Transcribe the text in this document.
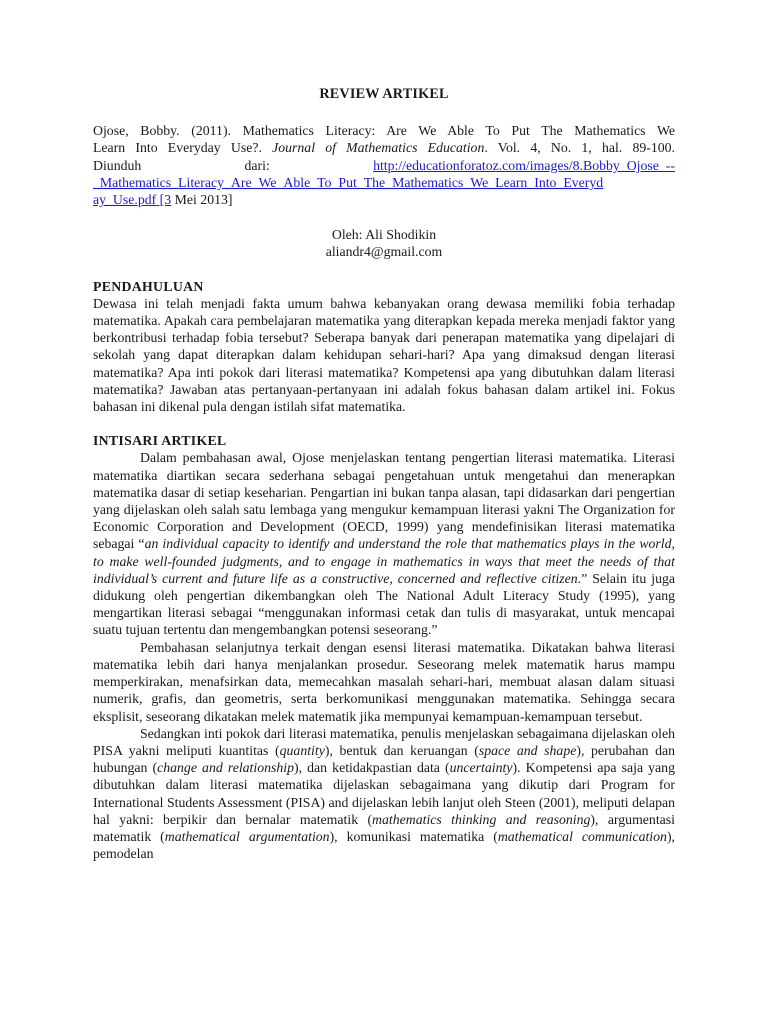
REVIEW ARTIKEL
Ojose, Bobby. (2011). Mathematics Literacy: Are We Able To Put The Mathematics We
Learn Into Everyday Use?. Journal of Mathematics Education. Vol. 4, No. 1, hal. 89-100.
Diunduh	dari:	http://educationforatoz.com/images/8.Bobby_Ojose_--
_Mathematics_Literacy_Are_We_Able_To_Put_The_Mathematics_We_Learn_Into_Everyd
ay_Use.pdf [3 Mei 2013]
Oleh: Ali Shodikin
aliandr4@gmail.com
PENDAHULUAN

Dewasa ini telah menjadi fakta umum bahwa kebanyakan orang dewasa memiliki fobia terhadap matematika. Apakah cara pembelajaran matematika yang diterapkan kepada mereka menjadi faktor yang berkontribusi terhadap fobia tersebut? Seberapa banyak dari penerapan matematika yang dipelajari di sekolah yang dapat diterapkan dalam kehidupan sehari-hari? Apa yang dimaksud dengan literasi matematika? Apa inti pokok dari literasi matematika? Kompetensi apa yang dibutuhkan dalam literasi matematika? Jawaban atas pertanyaan-pertanyaan ini adalah fokus bahasan dalam artikel ini. Fokus bahasan ini dikenal pula dengan istilah sifat matematika.

INTISARI ARTIKEL

Dalam pembahasan awal, Ojose menjelaskan tentang pengertian literasi matematika. Literasi matematika diartikan secara sederhana sebagai pengetahuan untuk mengetahui dan menerapkan matematika dasar di setiap keseharian. Pengartian ini bukan tanpa alasan, tapi didasarkan dari pengertian yang dijelaskan oleh salah satu lembaga yang mengukur kemampuan literasi yakni The Organization for Economic Corporation and Development (OECD, 1999) yang mendefinisikan literasi matematika sebagai “an individual capacity to identify and understand the role that mathematics plays in the world, to make well-founded judgments, and to engage in mathematics in ways that meet the needs of that individual’s current and future life as a constructive, concerned and reflective citizen.” Selain itu juga didukung oleh pengertian dikembangkan oleh The National Adult Literacy Study (1995), yang mengartikan literasi sebagai “menggunakan informasi cetak dan tulis di masyarakat, untuk mencapai suatu tujuan tertentu dan mengembangkan potensi seseorang.”

Pembahasan selanjutnya terkait dengan esensi literasi matematika. Dikatakan bahwa literasi matematika lebih dari hanya menjalankan prosedur. Seseorang melek matematik harus mampu memperkirakan, menafsirkan data, memecahkan masalah sehari-hari, membuat alasan dalam situasi numerik, grafis, dan geometris, serta berkomunikasi menggunakan matematika. Sehingga secara eksplisit, seseorang dikatakan melek matematik jika mempunyai kemampuan-kemampuan tersebut.

Sedangkan inti pokok dari literasi matematika, penulis menjelaskan sebagaimana dijelaskan oleh PISA yakni meliputi kuantitas (quantity), bentuk dan keruangan (space and shape), perubahan dan hubungan (change and relationship), dan ketidakpastian data (uncertainty). Kompetensi apa saja yang dibutuhkan dalam literasi matematika dijelaskan sebagaimana yang dikutip dari Program for International Students Assessment (PISA) and dijelaskan lebih lanjut oleh Steen (2001), meliputi delapan hal yakni: berpikir dan bernalar matematik (mathematics thinking and reasoning), argumentasi matematik (mathematical argumentation), komunikasi matematika (mathematical communication), pemodelan
